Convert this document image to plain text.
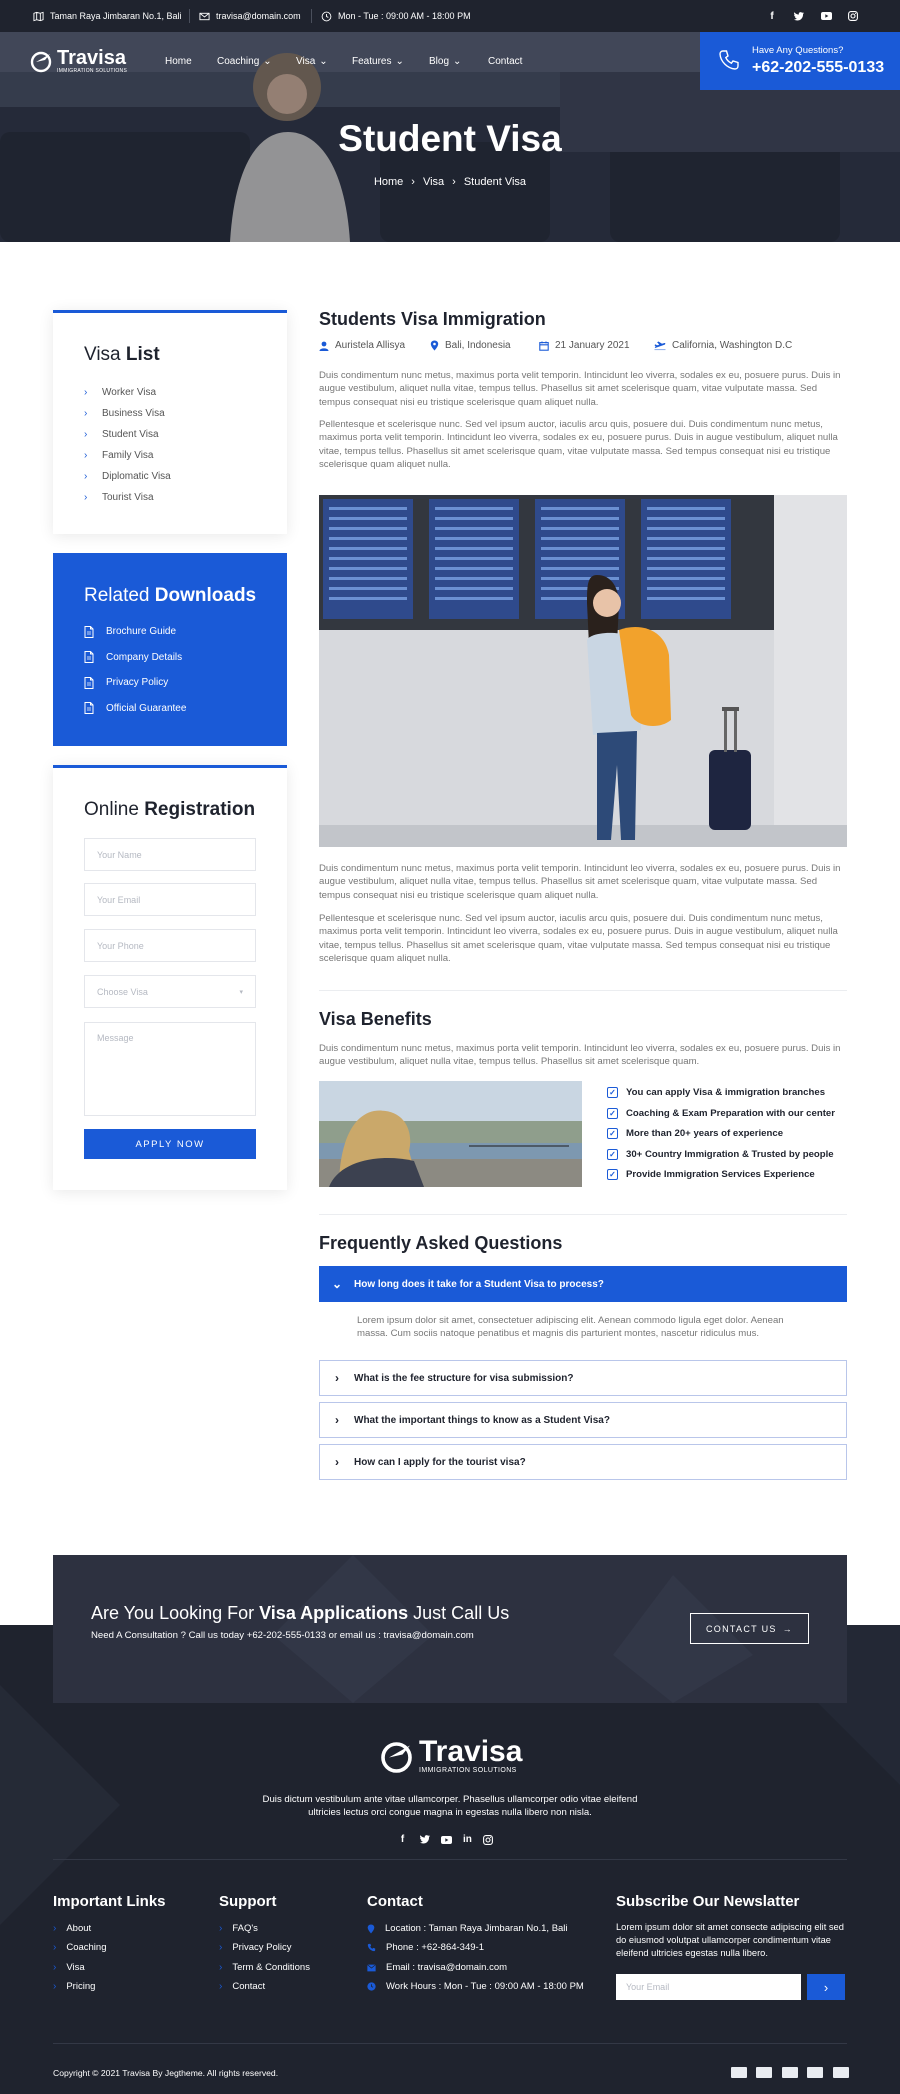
Taman Raya Jimbaran No.1, Bali	travisa@domain.com	Mon - Tue : 09:00 AM - 18:00 PM	f
Travisa
IMMIGRATION SOLUTIONS
Home	Coaching ⌄ Visa ⌄ Features ⌄	Blog ⌄	Contact
Have Any Questions?
+62-202-555-0133
Student Visa
Home › Visa › Student Visa
Visa List
›	Worker Visa
›	Business Visa
›	Student Visa
›	Family Visa
›	Diplomatic Visa
›	Tourist Visa
Related Downloads
Brochure Guide
Company Details
Privacy Policy
Official Guarantee
Online Registration
Your Name
Your Email
Your Phone
Choose Visa	▾
Message
APPLY NOW
Students Visa Immigration
Auristela Allisya	Bali, Indonesia	21 January 2021	California, Washington D.C
Duis condimentum nunc metus, maximus porta velit temporin. Intincidunt leo viverra, sodales ex eu, posuere purus. Duis in augue vestibulum, aliquet nulla vitae, tempus tellus. Phasellus sit amet scelerisque quam, vitae vulputate massa. Sed tempus consequat nisi eu tristique scelerisque quam aliquet nulla.
Pellentesque et scelerisque nunc. Sed vel ipsum auctor, iaculis arcu quis, posuere dui. Duis condimentum nunc metus, maximus porta velit temporin. Intincidunt leo viverra, sodales ex eu, posuere purus. Duis in augue vestibulum, aliquet nulla vitae, tempus tellus. Phasellus sit amet scelerisque quam, vitae vulputate massa. Sed tempus consequat nisi eu tristique scelerisque quam aliquet nulla.
Duis condimentum nunc metus, maximus porta velit temporin. Intincidunt leo viverra, sodales ex eu, posuere purus. Duis in augue vestibulum, aliquet nulla vitae, tempus tellus. Phasellus sit amet scelerisque quam, vitae vulputate massa. Sed tempus consequat nisi eu tristique scelerisque quam aliquet nulla.
Pellentesque et scelerisque nunc. Sed vel ipsum auctor, iaculis arcu quis, posuere dui. Duis condimentum nunc metus, maximus porta velit temporin. Intincidunt leo viverra, sodales ex eu, posuere purus. Duis in augue vestibulum, aliquet nulla vitae, tempus tellus. Phasellus sit amet scelerisque quam, vitae vulputate massa. Sed tempus consequat nisi eu tristique scelerisque quam aliquet nulla.
Visa Benefits
Duis condimentum nunc metus, maximus porta velit temporin. Intincidunt leo viverra, sodales ex eu, posuere purus. Duis in augue vestibulum, aliquet nulla vitae, tempus tellus. Phasellus sit amet scelerisque quam.
✓ You can apply Visa & immigration branches
✓ Coaching & Exam Preparation with our center
✓ More than 20+ years of experience
✓ 30+ Country Immigration & Trusted by people
✓ Provide Immigration Services Experience
Frequently Asked Questions
⌄	How long does it take for a Student Visa to process?
Lorem ipsum dolor sit amet, consectetuer adipiscing elit. Aenean commodo ligula eget dolor. Aenean massa. Cum sociis natoque penatibus et magnis dis parturient montes, nascetur ridiculus mus.
›	What is the fee structure for visa submission?
›	What the important things to know as a Student Visa?
›	How can I apply for the tourist visa?
Are You Looking For Visa Applications Just Call Us
Need A Consultation ? Call us today +62-202-555-0133 or email us : travisa@domain.com
CONTACT US →
Travisa
IMMIGRATION SOLUTIONS
Duis dictum vestibulum ante vitae ullamcorper. Phasellus ullamcorper odio vitae eleifend ultricies lectus orci congue magna in egestas nulla libero non nisla.
f	in
Important Links
› About
› Coaching
› Visa
› Pricing
Support
› FAQ's
› Privacy Policy
› Term & Conditions
› Contact
Contact
Location : Taman Raya Jimbaran No.1, Bali
Phone : +62-864-349-1
Email : travisa@domain.com
Work Hours : Mon - Tue : 09:00 AM - 18:00 PM
Subscribe Our Newslatter
Lorem ipsum dolor sit amet consecte adipiscing elit sed do eiusmod volutpat ullamcorper condimentum vitae eleifend ultricies egestas nulla libero.
Your Email	›
Copyright © 2021 Travisa By Jegtheme. All rights reserved.
